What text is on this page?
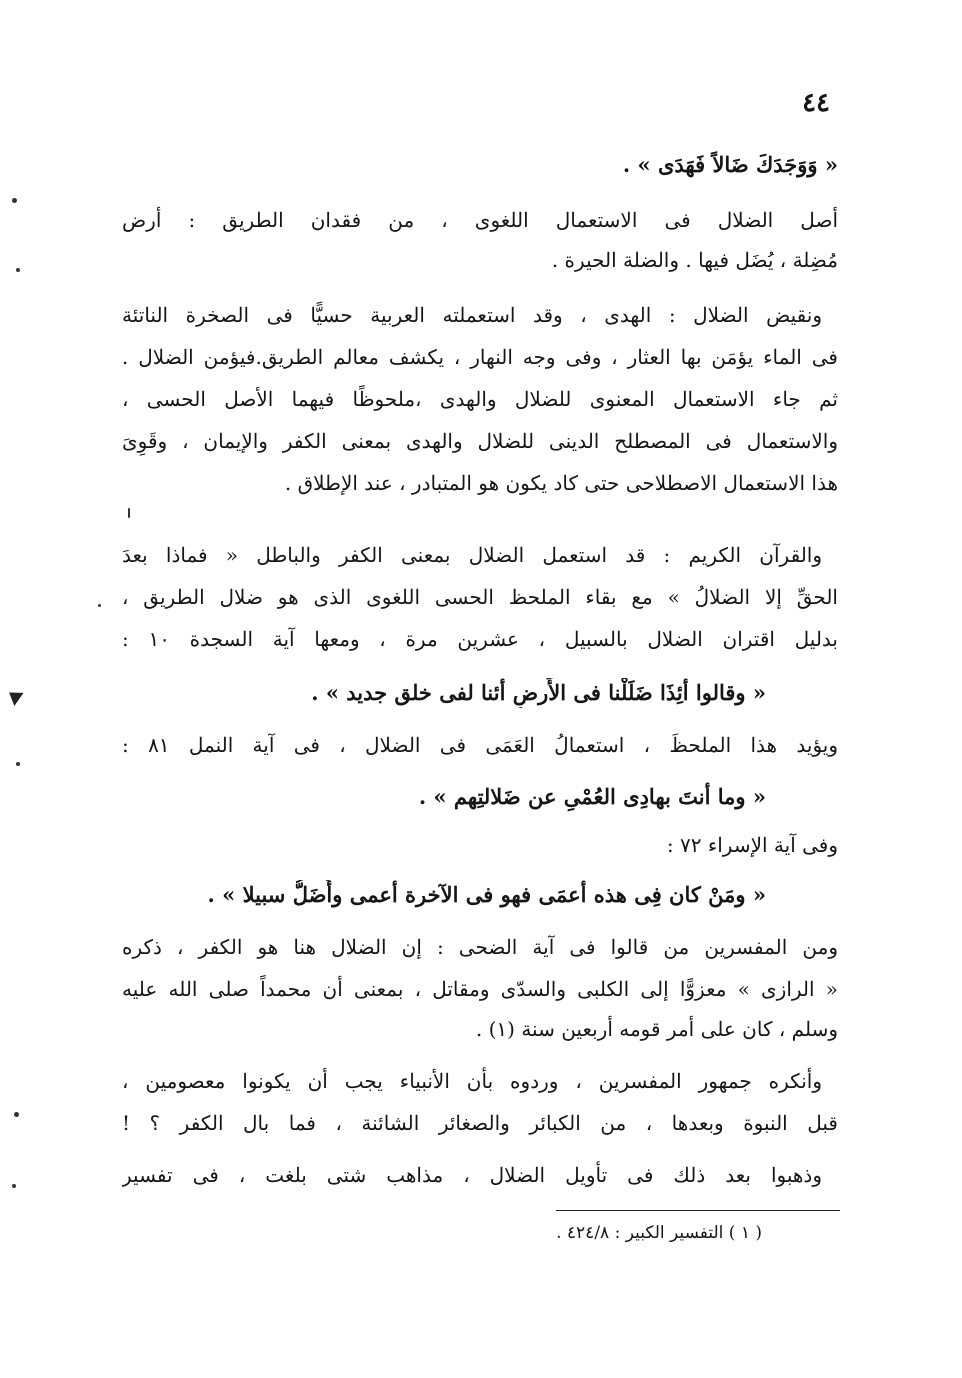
٤٤
« وَوَجَدَكَ ضَالاً فَهَدَى » .
أصل الضلال فى الاستعمال اللغوى ، من فقدان الطريق : أرض
مُضِلة ، يُضَل فيها . والضلة الحيرة .
ونقيض الضلال : الهدى ، وقد استعملته العربية حسيًّا فى الصخرة الناتئة
فى الماء يؤمَن بها العثار ، وفى وجه النهار ، يكشف معالم الطريق.فيؤمن الضلال .
ثم جاء الاستعمال المعنوى للضلال والهدى ،ملحوظًا فيهما الأصل الحسى ،
والاستعمال فى المصطلح الدينى للضلال والهدى بمعنى الكفر والإيمان ، وقَوِىَ
هذا الاستعمال الاصطلاحى حتى كاد يكون هو المتبادر ، عند الإطلاق .
والقرآن الكريم : قد استعمل الضلال بمعنى الكفر والباطل « فماذا بعدَ
الحقِّ إلا الضلالُ » مع بقاء الملحظ الحسى اللغوى الذى هو ضلال الطريق ،
بدليل اقتران الضلال بالسبيل ، عشرين مرة ، ومعها آية السجدة ١٠ :
« وقالوا أئِذَا ضَلَلْنا فى الأَرضِ أئنا لفى خلق جديد » .
ويؤيد هذا الملحظَ ، استعمالُ العَمَى فى الضلال ، فى آية النمل ٨١ :
« وما أنتَ بهادِى العُمْىِ عن ضَلالتِهم » .
وفى آية الإسراء ٧٢ :
« ومَنْ كان فِى هذه أعمَى فهو فى الآخرة أعمى وأَضَلُّ سبيلا » .
ومن المفسرين من قالوا فى آية الضحى : إن الضلال هنا هو الكفر ، ذكره
« الرازى » معزوًّا إلى الكلبى والسدّى ومقاتل ، بمعنى أن محمداً صلى الله عليه
وسلم ، كان على أمر قومه أربعين سنة (١) .
وأنكره جمهور المفسرين ، وردوه بأن الأنبياء يجب أن يكونوا معصومين ،
قبل النبوة وبعدها ، من الكبائر والصغائر الشائنة ، فما بال الكفر ؟ !
وذهبوا بعد ذلك فى تأويل الضلال ، مذاهب شتى بلغت ، فى تفسير
( ١ ) التفسير الكبير : ٤٢٤/٨ .
